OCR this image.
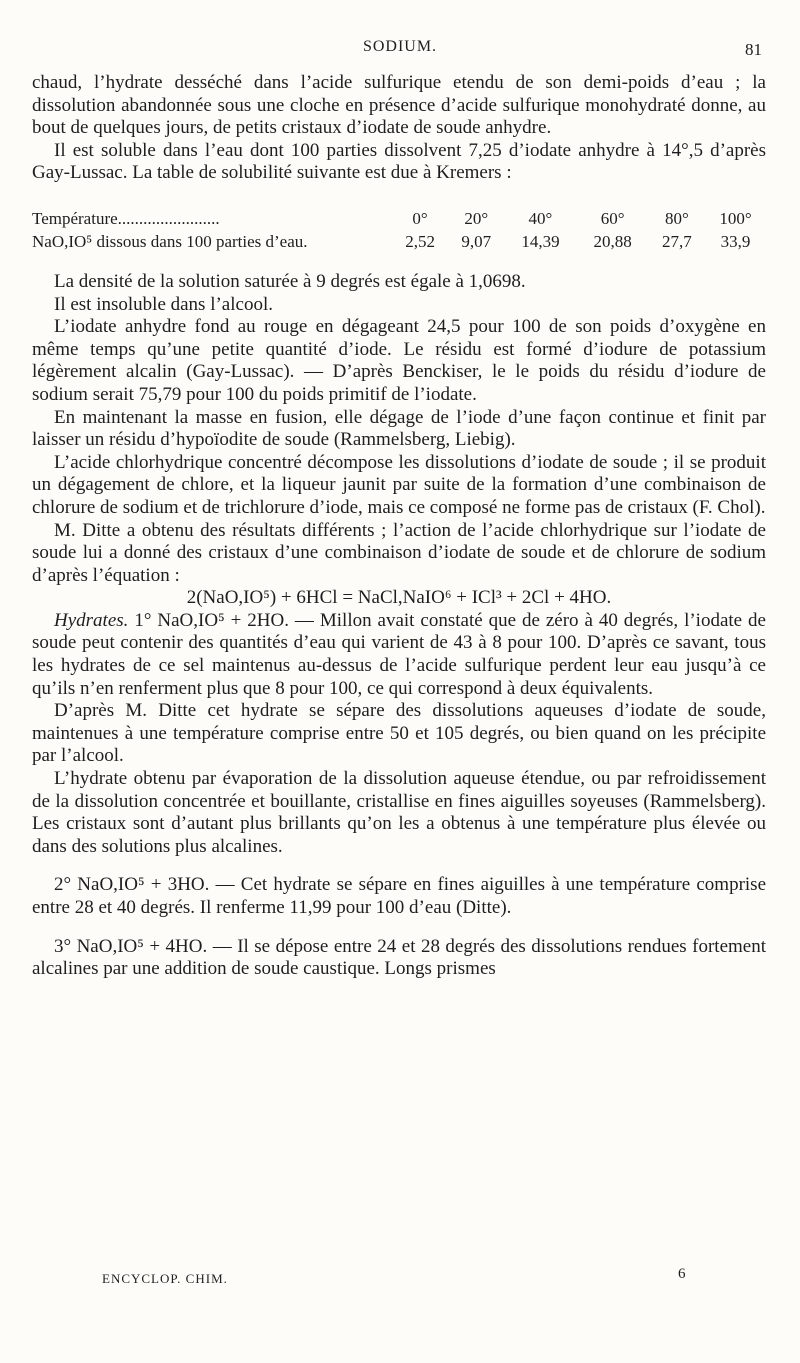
SODIUM.	81

chaud, l’hydrate desséché dans l’acide sulfurique etendu de son demi-poids d’eau ; la dissolution abandonnée sous une cloche en présence d’acide sulfurique monohydraté donne, au bout de quelques jours, de petits cristaux d’iodate de soude anhydre.

Il est soluble dans l’eau dont 100 parties dissolvent 7,25 d’iodate anhydre à 14°,5 d’après Gay-Lussac. La table de solubilité suivante est due à Kremers :

Température........................	0°	20°	40°	60°	80°	100°
NaO,IO⁵ dissous dans 100 parties d’eau.	2,52	9,07	14,39	20,88	27,7	33,9

La densité de la solution saturée à 9 degrés est égale à 1,0698.

Il est insoluble dans l’alcool.

L’iodate anhydre fond au rouge en dégageant 24,5 pour 100 de son poids d’oxygène en même temps qu’une petite quantité d’iode. Le résidu est formé d’iodure de potassium légèrement alcalin (Gay-Lussac). — D’après Benckiser, le le poids du résidu d’iodure de sodium serait 75,79 pour 100 du poids primitif de l’iodate.

En maintenant la masse en fusion, elle dégage de l’iode d’une façon continue et finit par laisser un résidu d’hypoïodite de soude (Rammelsberg, Liebig).

L’acide chlorhydrique concentré décompose les dissolutions d’iodate de soude ; il se produit un dégagement de chlore, et la liqueur jaunit par suite de la formation d’une combinaison de chlorure de sodium et de trichlorure d’iode, mais ce composé ne forme pas de cristaux (F. Chol).

M. Ditte a obtenu des résultats différents ; l’action de l’acide chlorhydrique sur l’iodate de soude lui a donné des cristaux d’une combinaison d’iodate de soude et de chlorure de sodium d’après l’équation :

2(NaO,IO⁵) + 6HCl = NaCl,NaIO⁶ + ICl³ + 2Cl + 4HO.

Hydrates. 1° NaO,IO⁵ + 2HO. — Millon avait constaté que de zéro à 40 degrés, l’iodate de soude peut contenir des quantités d’eau qui varient de 43 à 8 pour 100. D’après ce savant, tous les hydrates de ce sel maintenus au-dessus de l’acide sulfurique perdent leur eau jusqu’à ce qu’ils n’en renferment plus que 8 pour 100, ce qui correspond à deux équivalents.

D’après M. Ditte cet hydrate se sépare des dissolutions aqueuses d’iodate de soude, maintenues à une température comprise entre 50 et 105 degrés, ou bien quand on les précipite par l’alcool.

L’hydrate obtenu par évaporation de la dissolution aqueuse étendue, ou par refroidissement de la dissolution concentrée et bouillante, cristallise en fines aiguilles soyeuses (Rammelsberg). Les cristaux sont d’autant plus brillants qu’on les a obtenus à une température plus élevée ou dans des solutions plus alcalines.

2° NaO,IO⁵ + 3HO. — Cet hydrate se sépare en fines aiguilles à une température comprise entre 28 et 40 degrés. Il renferme 11,99 pour 100 d’eau (Ditte).

3° NaO,IO⁵ + 4HO. — Il se dépose entre 24 et 28 degrés des dissolutions rendues fortement alcalines par une addition de soude caustique. Longs prismes

ENCYCLOP. CHIM.	6
